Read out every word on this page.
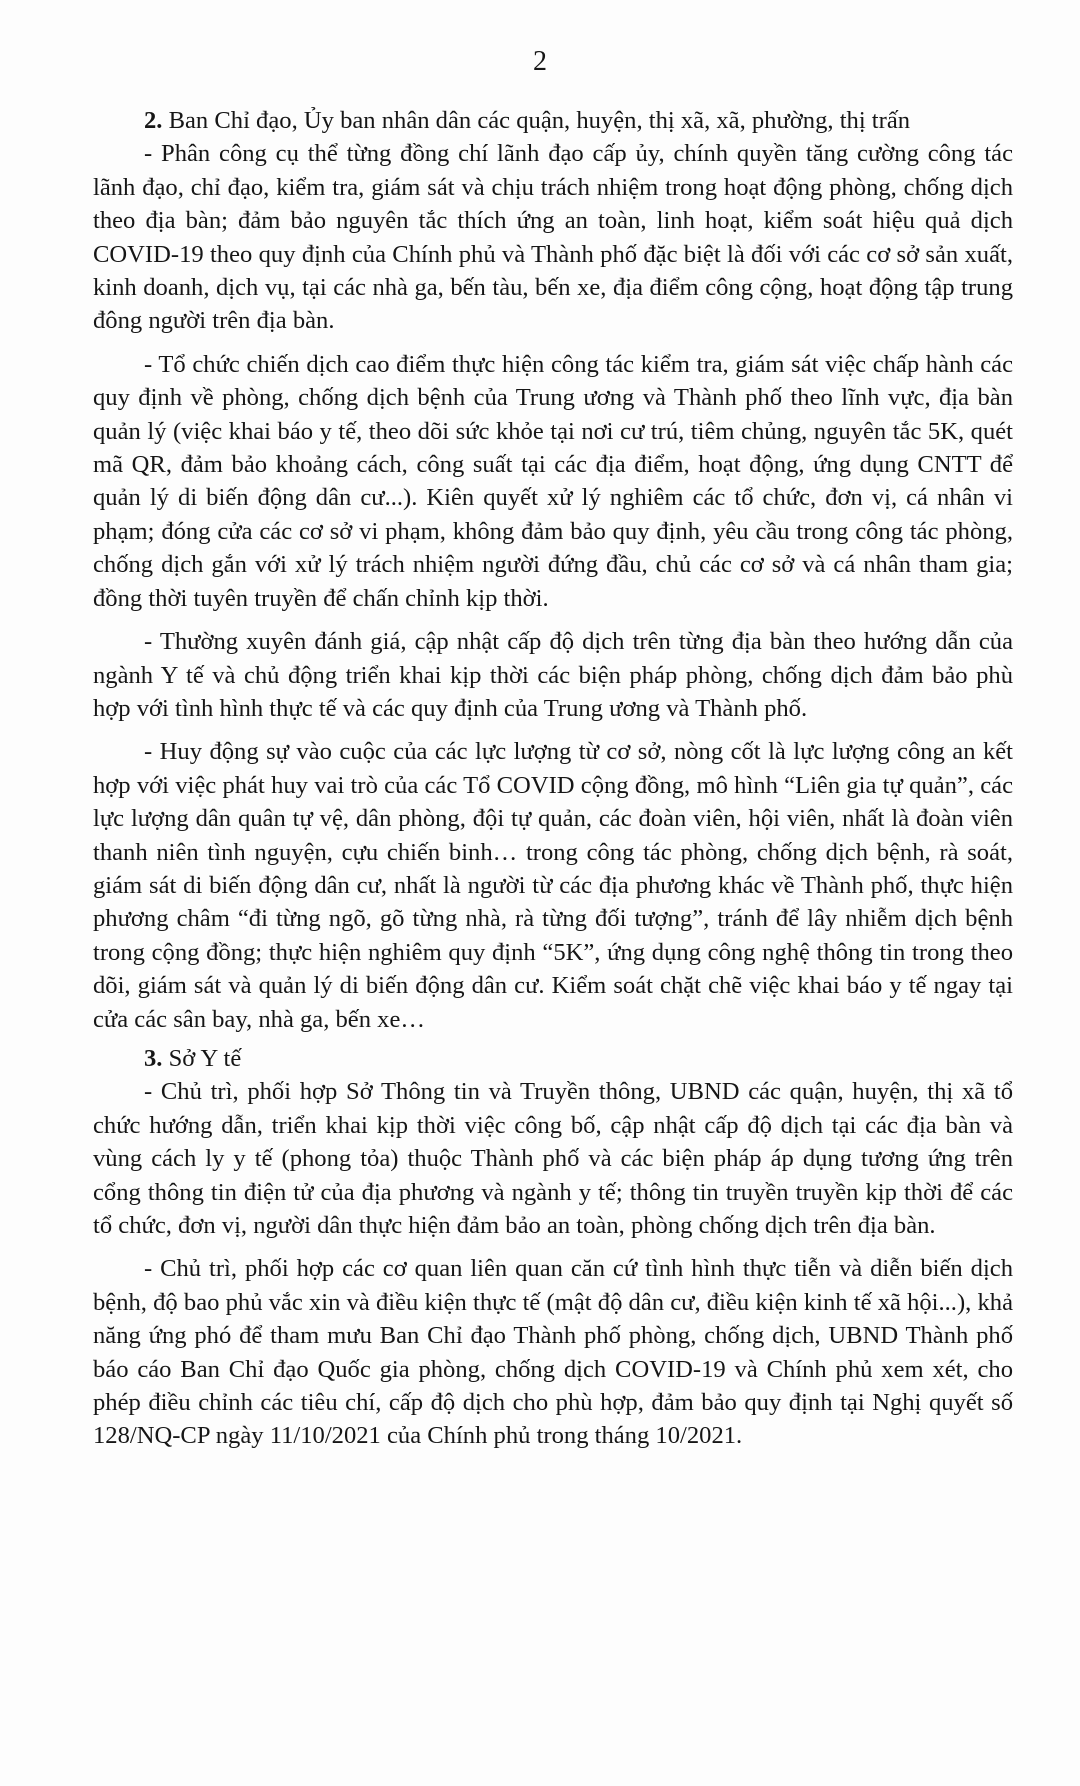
2

2. Ban Chỉ đạo, Ủy ban nhân dân các quận, huyện, thị xã, xã, phường, thị trấn

- Phân công cụ thể từng đồng chí lãnh đạo cấp ủy, chính quyền tăng cường công tác lãnh đạo, chỉ đạo, kiểm tra, giám sát và chịu trách nhiệm trong hoạt động phòng, chống dịch theo địa bàn; đảm bảo nguyên tắc thích ứng an toàn, linh hoạt, kiểm soát hiệu quả dịch COVID-19 theo quy định của Chính phủ và Thành phố đặc biệt là đối với các cơ sở sản xuất, kinh doanh, dịch vụ, tại các nhà ga, bến tàu, bến xe, địa điểm công cộng, hoạt động tập trung đông người trên địa bàn.

- Tổ chức chiến dịch cao điểm thực hiện công tác kiểm tra, giám sát việc chấp hành các quy định về phòng, chống dịch bệnh của Trung ương và Thành phố theo lĩnh vực, địa bàn quản lý (việc khai báo y tế, theo dõi sức khỏe tại nơi cư trú, tiêm chủng, nguyên tắc 5K, quét mã QR, đảm bảo khoảng cách, công suất tại các địa điểm, hoạt động, ứng dụng CNTT để quản lý di biến động dân cư...). Kiên quyết xử lý nghiêm các tổ chức, đơn vị, cá nhân vi phạm; đóng cửa các cơ sở vi phạm, không đảm bảo quy định, yêu cầu trong công tác phòng, chống dịch gắn với xử lý trách nhiệm người đứng đầu, chủ các cơ sở và cá nhân tham gia; đồng thời tuyên truyền để chấn chỉnh kịp thời.

- Thường xuyên đánh giá, cập nhật cấp độ dịch trên từng địa bàn theo hướng dẫn của ngành Y tế và chủ động triển khai kịp thời các biện pháp phòng, chống dịch đảm bảo phù hợp với tình hình thực tế và các quy định của Trung ương và Thành phố.

- Huy động sự vào cuộc của các lực lượng từ cơ sở, nòng cốt là lực lượng công an kết hợp với việc phát huy vai trò của các Tổ COVID cộng đồng, mô hình “Liên gia tự quản”, các lực lượng dân quân tự vệ, dân phòng, đội tự quản, các đoàn viên, hội viên, nhất là đoàn viên thanh niên tình nguyện, cựu chiến binh… trong công tác phòng, chống dịch bệnh, rà soát, giám sát di biến động dân cư, nhất là người từ các địa phương khác về Thành phố, thực hiện phương châm “đi từng ngõ, gõ từng nhà, rà từng đối tượng”, tránh để lây nhiễm dịch bệnh trong cộng đồng; thực hiện nghiêm quy định “5K”, ứng dụng công nghệ thông tin trong theo dõi, giám sát và quản lý di biến động dân cư. Kiểm soát chặt chẽ việc khai báo y tế ngay tại cửa các sân bay, nhà ga, bến xe…

3. Sở Y tế

- Chủ trì, phối hợp Sở Thông tin và Truyền thông, UBND các quận, huyện, thị xã tổ chức hướng dẫn, triển khai kịp thời việc công bố, cập nhật cấp độ dịch tại các địa bàn và vùng cách ly y tế (phong tỏa) thuộc Thành phố và các biện pháp áp dụng tương ứng trên cổng thông tin điện tử của địa phương và ngành y tế; thông tin truyền truyền kịp thời để các tổ chức, đơn vị, người dân thực hiện đảm bảo an toàn, phòng chống dịch trên địa bàn.

- Chủ trì, phối hợp các cơ quan liên quan căn cứ tình hình thực tiễn và diễn biến dịch bệnh, độ bao phủ vắc xin và điều kiện thực tế (mật độ dân cư, điều kiện kinh tế xã hội...), khả năng ứng phó để tham mưu Ban Chỉ đạo Thành phố phòng, chống dịch, UBND Thành phố báo cáo Ban Chỉ đạo Quốc gia phòng, chống dịch COVID-19 và Chính phủ xem xét, cho phép điều chỉnh các tiêu chí, cấp độ dịch cho phù hợp, đảm bảo quy định tại Nghị quyết số 128/NQ-CP ngày 11/10/2021 của Chính phủ trong tháng 10/2021.
